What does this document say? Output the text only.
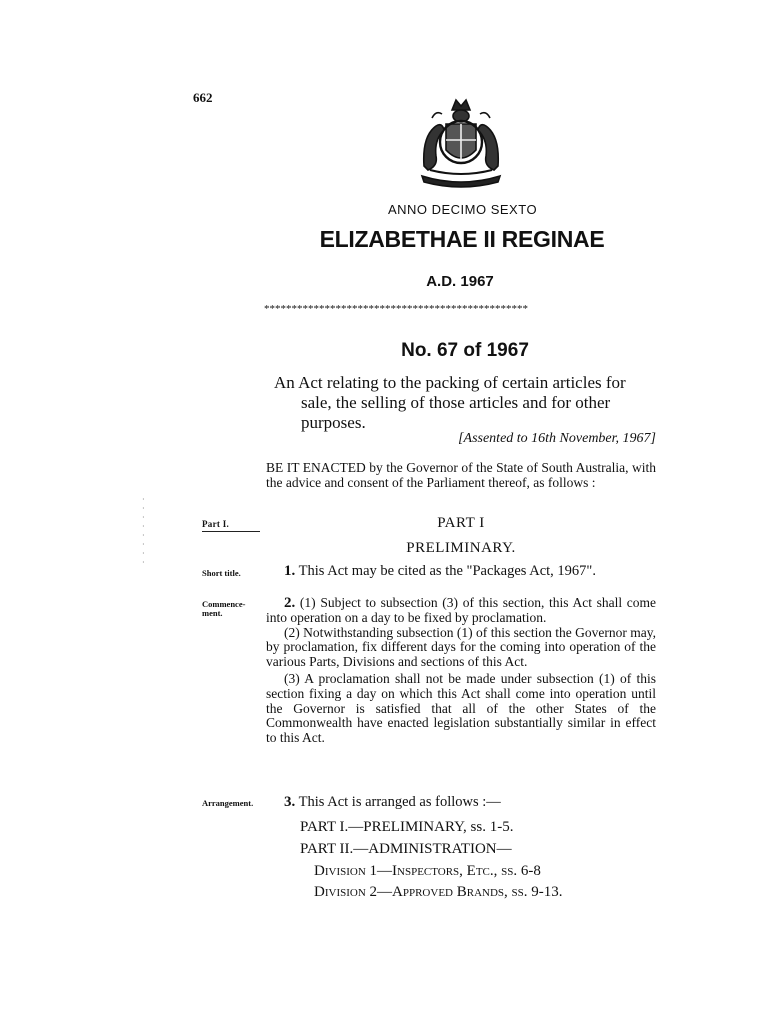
662
ANNO DECIMO SEXTO
ELIZABETHAE II REGINAE
A.D. 1967
************************************************
No. 67 of 1967
An Act relating to the packing of certain articles for
sale, the selling of those articles and for other
purposes.
[Assented to 16th November, 1967]
BE IT ENACTED by the Governor of the State of South Australia, with the advice and consent of the Parliament thereof, as follows :
·
·
·
·
·
·
·
·
Part I.	PART I
PRELIMINARY.
Short title.	1. This Act may be cited as the "Packages Act, 1967".
Commence-ment.
2. (1) Subject to subsection (3) of this section, this Act shall come into operation on a day to be fixed by proclamation.
(2) Notwithstanding subsection (1) of this section the Governor may, by proclamation, fix different days for the coming into operation of the various Parts, Divisions and sections of this Act.
(3) A proclamation shall not be made under subsection (1) of this section fixing a day on which this Act shall come into operation until the Governor is satisfied that all of the other States of the Commonwealth have enacted legislation substantially similar in effect to this Act.
Arrangement.	3. This Act is arranged as follows :—
PART I.—PRELIMINARY, ss. 1-5.
PART II.—ADMINISTRATION—
Division 1—Inspectors, Etc., ss. 6-8
Division 2—Approved Brands, ss. 9-13.
